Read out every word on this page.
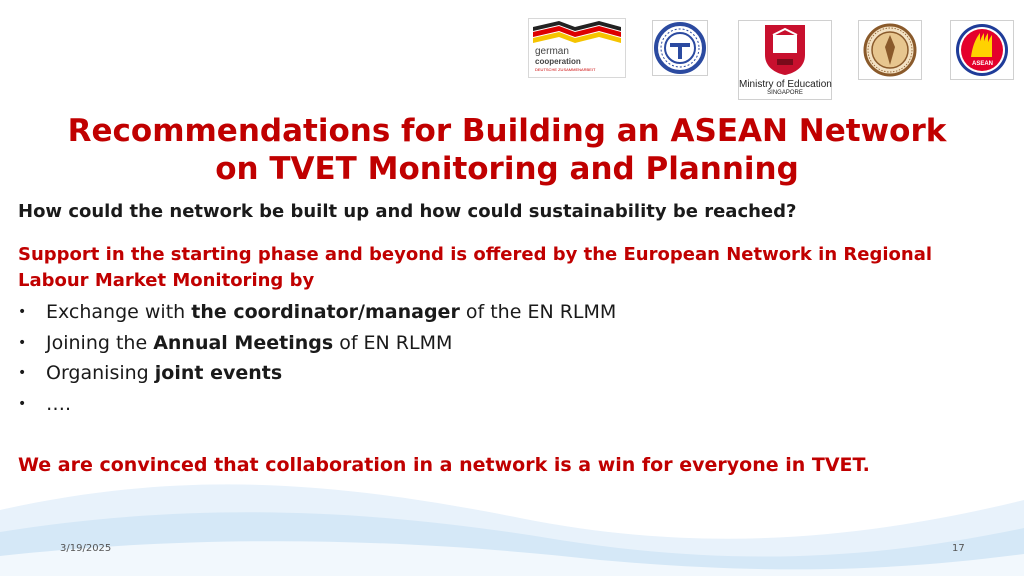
german
cooperation
DEUTSCHE ZUSAMMENARBEIT
Ministry of Education
SINGAPORE
ASEAN
Recommendations for Building an ASEAN Network
on TVET Monitoring and Planning
How could the network be built up and how could sustainability be reached?
Support in the starting phase and beyond is offered by the European Network in Regional Labour Market Monitoring by
• Exchange with the coordinator/manager of the EN RLMM
• Joining the Annual Meetings of EN RLMM
• Organising joint events
• ….
We are convinced that collaboration in a network is a win for everyone in TVET.
3/19/2025	17
